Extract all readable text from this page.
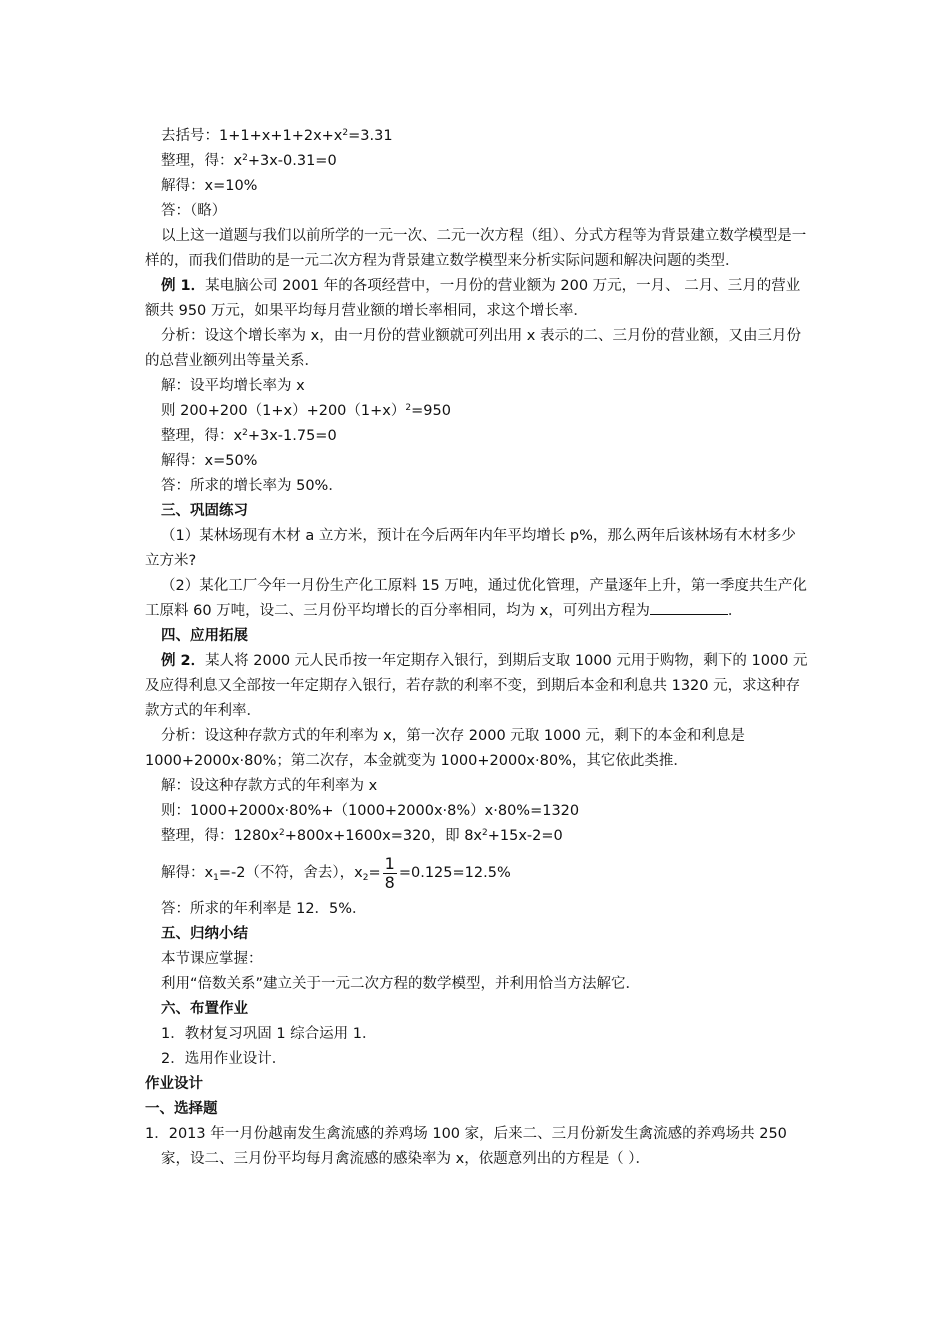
去括号：$1+1+x+1+2x+x^2=3.31$

整理，得：$x^2+3x-0.31=0$

解得：x=10%

答：（略）

以上这一道题与我们以前所学的一元一次、二元一次方程（组）、分式方程等为背景建立数学模型是一样的，而我们借助的是一元二次方程为背景建立数学模型来分析实际问题和解决问题的类型．

例 1．某电脑公司 2001 年的各项经营中，一月份的营业额为 200 万元，一月、 二月、三月的营业额共 950 万元，如果平均每月营业额的增长率相同，求这个增长率．

分析：设这个增长率为 x，由一月份的营业额就可列出用 x 表示的二、三月份的营业额，又由三月份的总营业额列出等量关系．

解：设平均增长率为 x

则 $200+200(1+x)+200(1+x)^2=950$

整理，得：$x^2+3x-1.75=0$

解得：x=50%

答：所求的增长率为 50%．

三、巩固练习

（1）某林场现有木材 a 立方米，预计在今后两年内年平均增长 p%，那么两年后该林场有木材多少立方米?

（2）某化工厂今年一月份生产化工原料 15 万吨，通过优化管理，产量逐年上升，第一季度共生产化工原料 60 万吨，设二、三月份平均增长的百分率相同，均为 x，可列出方程为	．

四、应用拓展

例 2．某人将 2000 元人民币按一年定期存入银行，到期后支取 1000 元用于购物，剩下的 1000 元及应得利息又全部按一年定期存入银行，若存款的利率不变，到期后本金和利息共 1320 元，求这种存款方式的年利率．

分析：设这种存款方式的年利率为 x，第一次存 2000 元取 1000 元，剩下的本金和利息是 1000+2000x·80%；第二次存，本金就变为 1000+2000x·80%，其它依此类推．

解：设这种存款方式的年利率为 x

则：1000+2000x·80%+（1000+2000x·8%）x·80%=1320

整理，得：$1280x^2+800x+1600x=320$，即 $8x^2+15x-2=0$

解得：$x_1=-2$（不符，舍去），$x_2= \frac{1}{8} =0.125=12.5\%$

答：所求的年利率是 12．5%．

五、归纳小结

本节课应掌握：

利用“倍数关系”建立关于一元二次方程的数学模型，并利用恰当方法解它．

六、布置作业

1．教材复习巩固 1 综合运用 1．

2．选用作业设计．

作业设计

一、选择题

1．2013 年一月份越南发生禽流感的养鸡场 100 家，后来二、三月份新发生禽流感的养鸡场共 250 家，设二、三月份平均每月禽流感的感染率为 x，依题意列出的方程是（ ）．
